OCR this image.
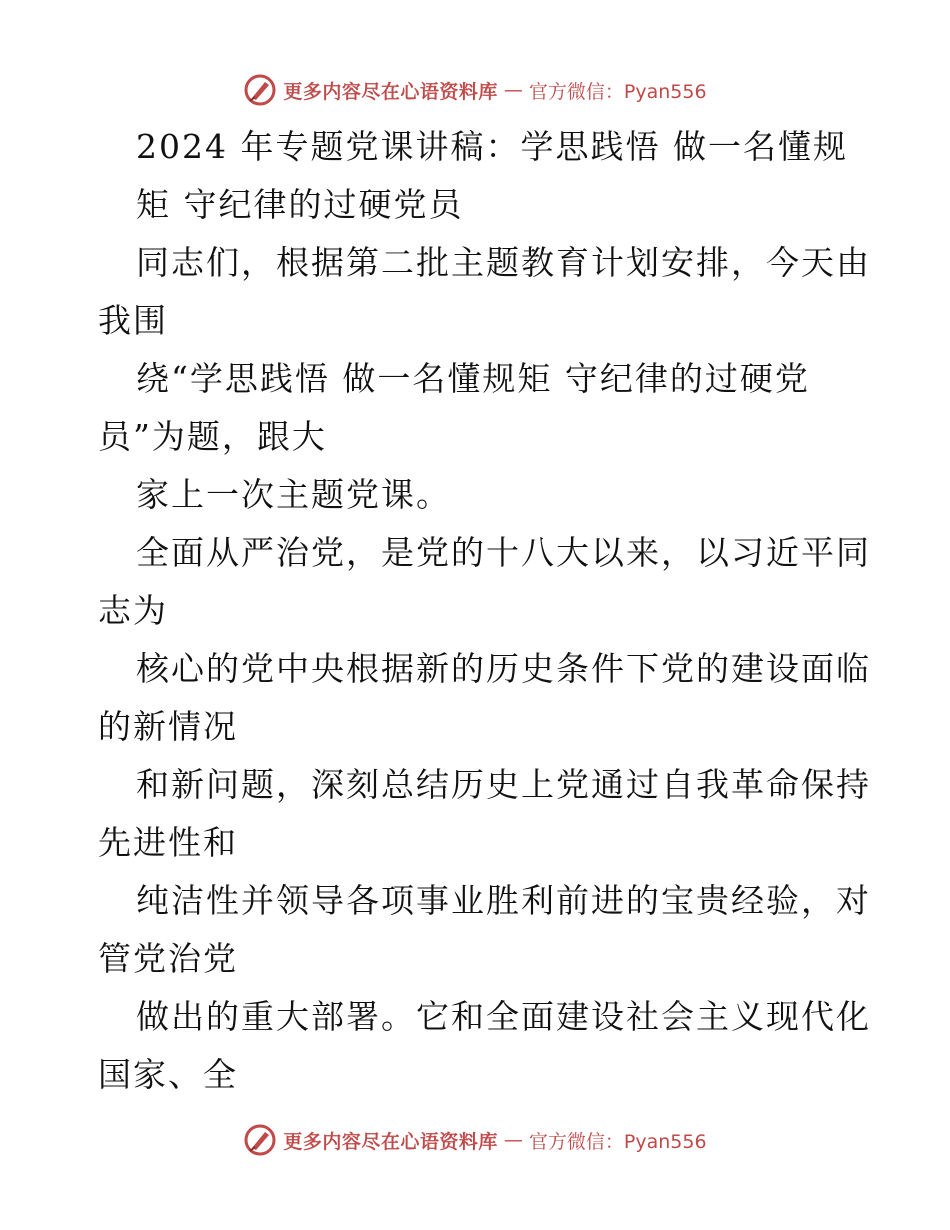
更多内容尽在心语资料库 — 官方微信：Pyan556
2024 年专题党课讲稿：学思践悟 做一名懂规
矩 守纪律的过硬党员
同志们，根据第二批主题教育计划安排，今天由
我围
绕“学思践悟 做一名懂规矩 守纪律的过硬党
员”为题，跟大
家上一次主题党课。
全面从严治党，是党的十八大以来，以习近平同
志为
核心的党中央根据新的历史条件下党的建设面临
的新情况
和新问题，深刻总结历史上党通过自我革命保持
先进性和
纯洁性并领导各项事业胜利前进的宝贵经验，对
管党治党
做出的重大部署。它和全面建设社会主义现代化
国家、全
更多内容尽在心语资料库 — 官方微信：Pyan556
